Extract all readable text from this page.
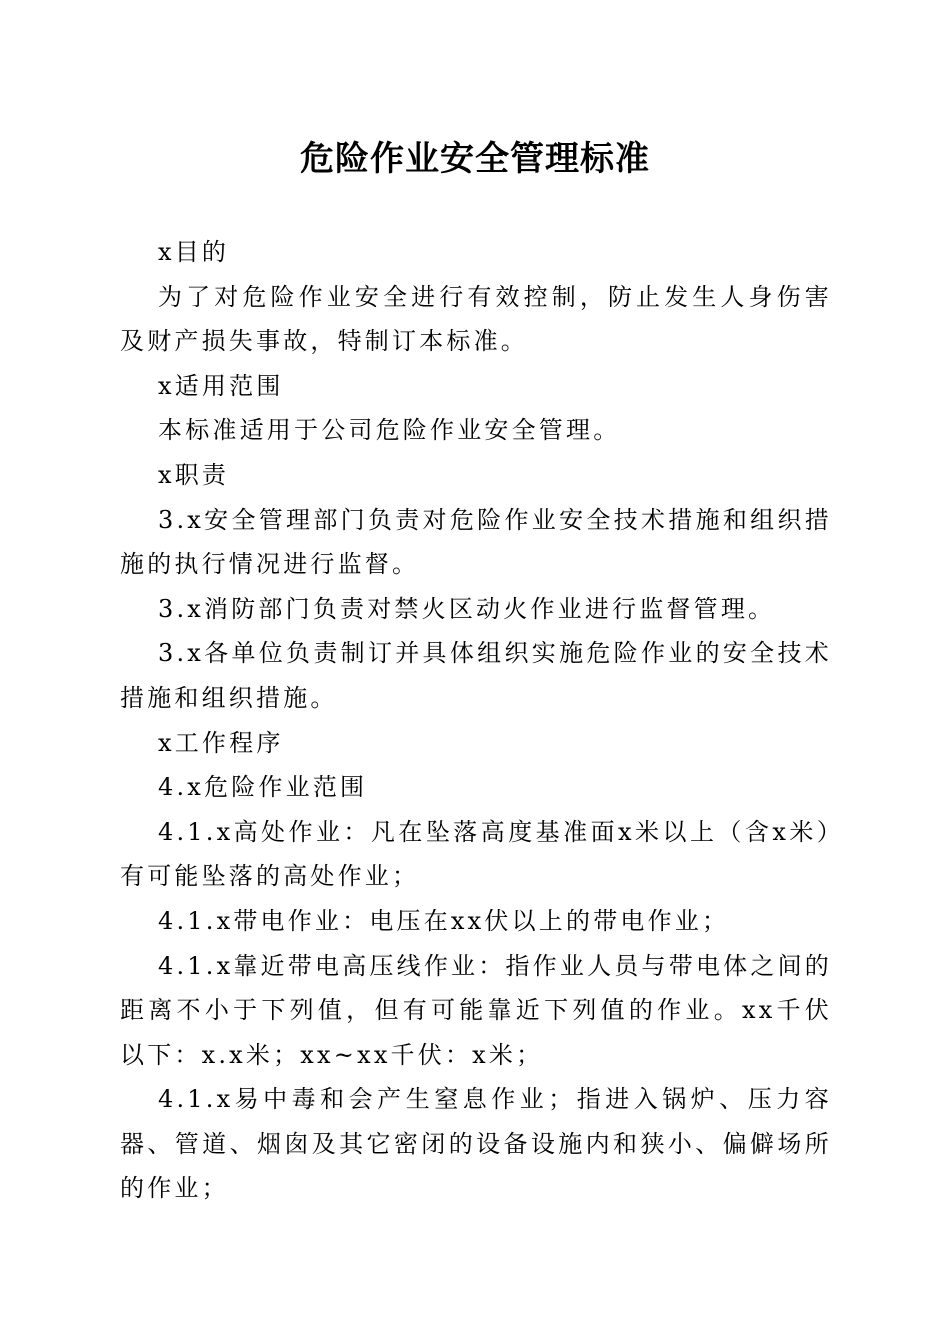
危险作业安全管理标准

x目的

为了对危险作业安全进行有效控制，防止发生人身伤害及财产损失事故，特制订本标准。

x适用范围

本标准适用于公司危险作业安全管理。

x职责

3.x安全管理部门负责对危险作业安全技术措施和组织措施的执行情况进行监督。

3.x消防部门负责对禁火区动火作业进行监督管理。

3.x各单位负责制订并具体组织实施危险作业的安全技术措施和组织措施。

x工作程序

4.x危险作业范围

4.1.x高处作业：凡在坠落高度基准面x米以上（含x米）有可能坠落的高处作业；

4.1.x带电作业：电压在xx伏以上的带电作业；

4.1.x靠近带电高压线作业：指作业人员与带电体之间的距离不小于下列值，但有可能靠近下列值的作业。xx千伏以下：x.x米；xx~xx千伏：x米；

4.1.x易中毒和会产生窒息作业；指进入锅炉、压力容器、管道、烟囱及其它密闭的设备设施内和狭小、偏僻场所的作业；
